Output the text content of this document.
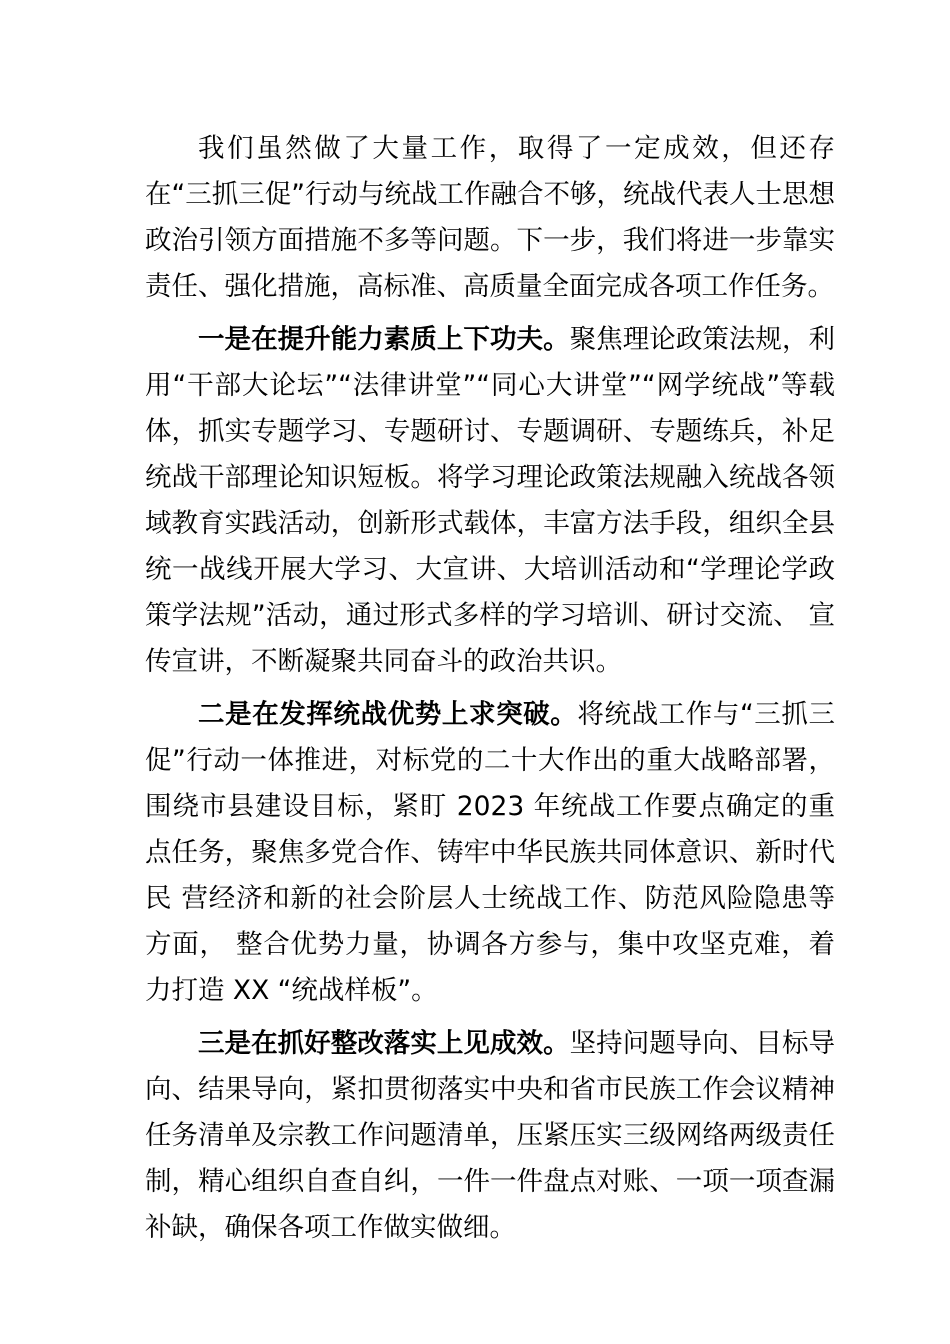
我们虽然做了大量工作，取得了一定成效，但还存在“三抓三促”行动与统战工作融合不够，统战代表人士思想政治引领方面措施不多等问题。下一步，我们将进一步靠实责任、强化措施，高标准、高质量全面完成各项工作任务。

一是在提升能力素质上下功夫。聚焦理论政策法规，利用“干部大论坛”“法律讲堂”“同心大讲堂”“网学统战”等载体，抓实专题学习、专题研讨、专题调研、专题练兵，补足统战干部理论知识短板。将学习理论政策法规融入统战各领域教育实践活动，创新形式载体，丰富方法手段，组织全县统一战线开展大学习、大宣讲、大培训活动和“学理论学政策学法规”活动，通过形式多样的学习培训、研讨交流、 宣传宣讲，不断凝聚共同奋斗的政治共识。

二是在发挥统战优势上求突破。将统战工作与“三抓三促”行动一体推进，对标党的二十大作出的重大战略部署， 围绕市县建设目标，紧盯 2023 年统战工作要点确定的重点任务，聚焦多党合作、铸牢中华民族共同体意识、新时代民 营经济和新的社会阶层人士统战工作、防范风险隐患等方面， 整合优势力量，协调各方参与，集中攻坚克难，着力打造 XX “统战样板”。

三是在抓好整改落实上见成效。坚持问题导向、目标导向、结果导向，紧扣贯彻落实中央和省市民族工作会议精神任务清单及宗教工作问题清单，压紧压实三级网络两级责任制，精心组织自查自纠，一件一件盘点对账、一项一项查漏补缺，确保各项工作做实做细。
